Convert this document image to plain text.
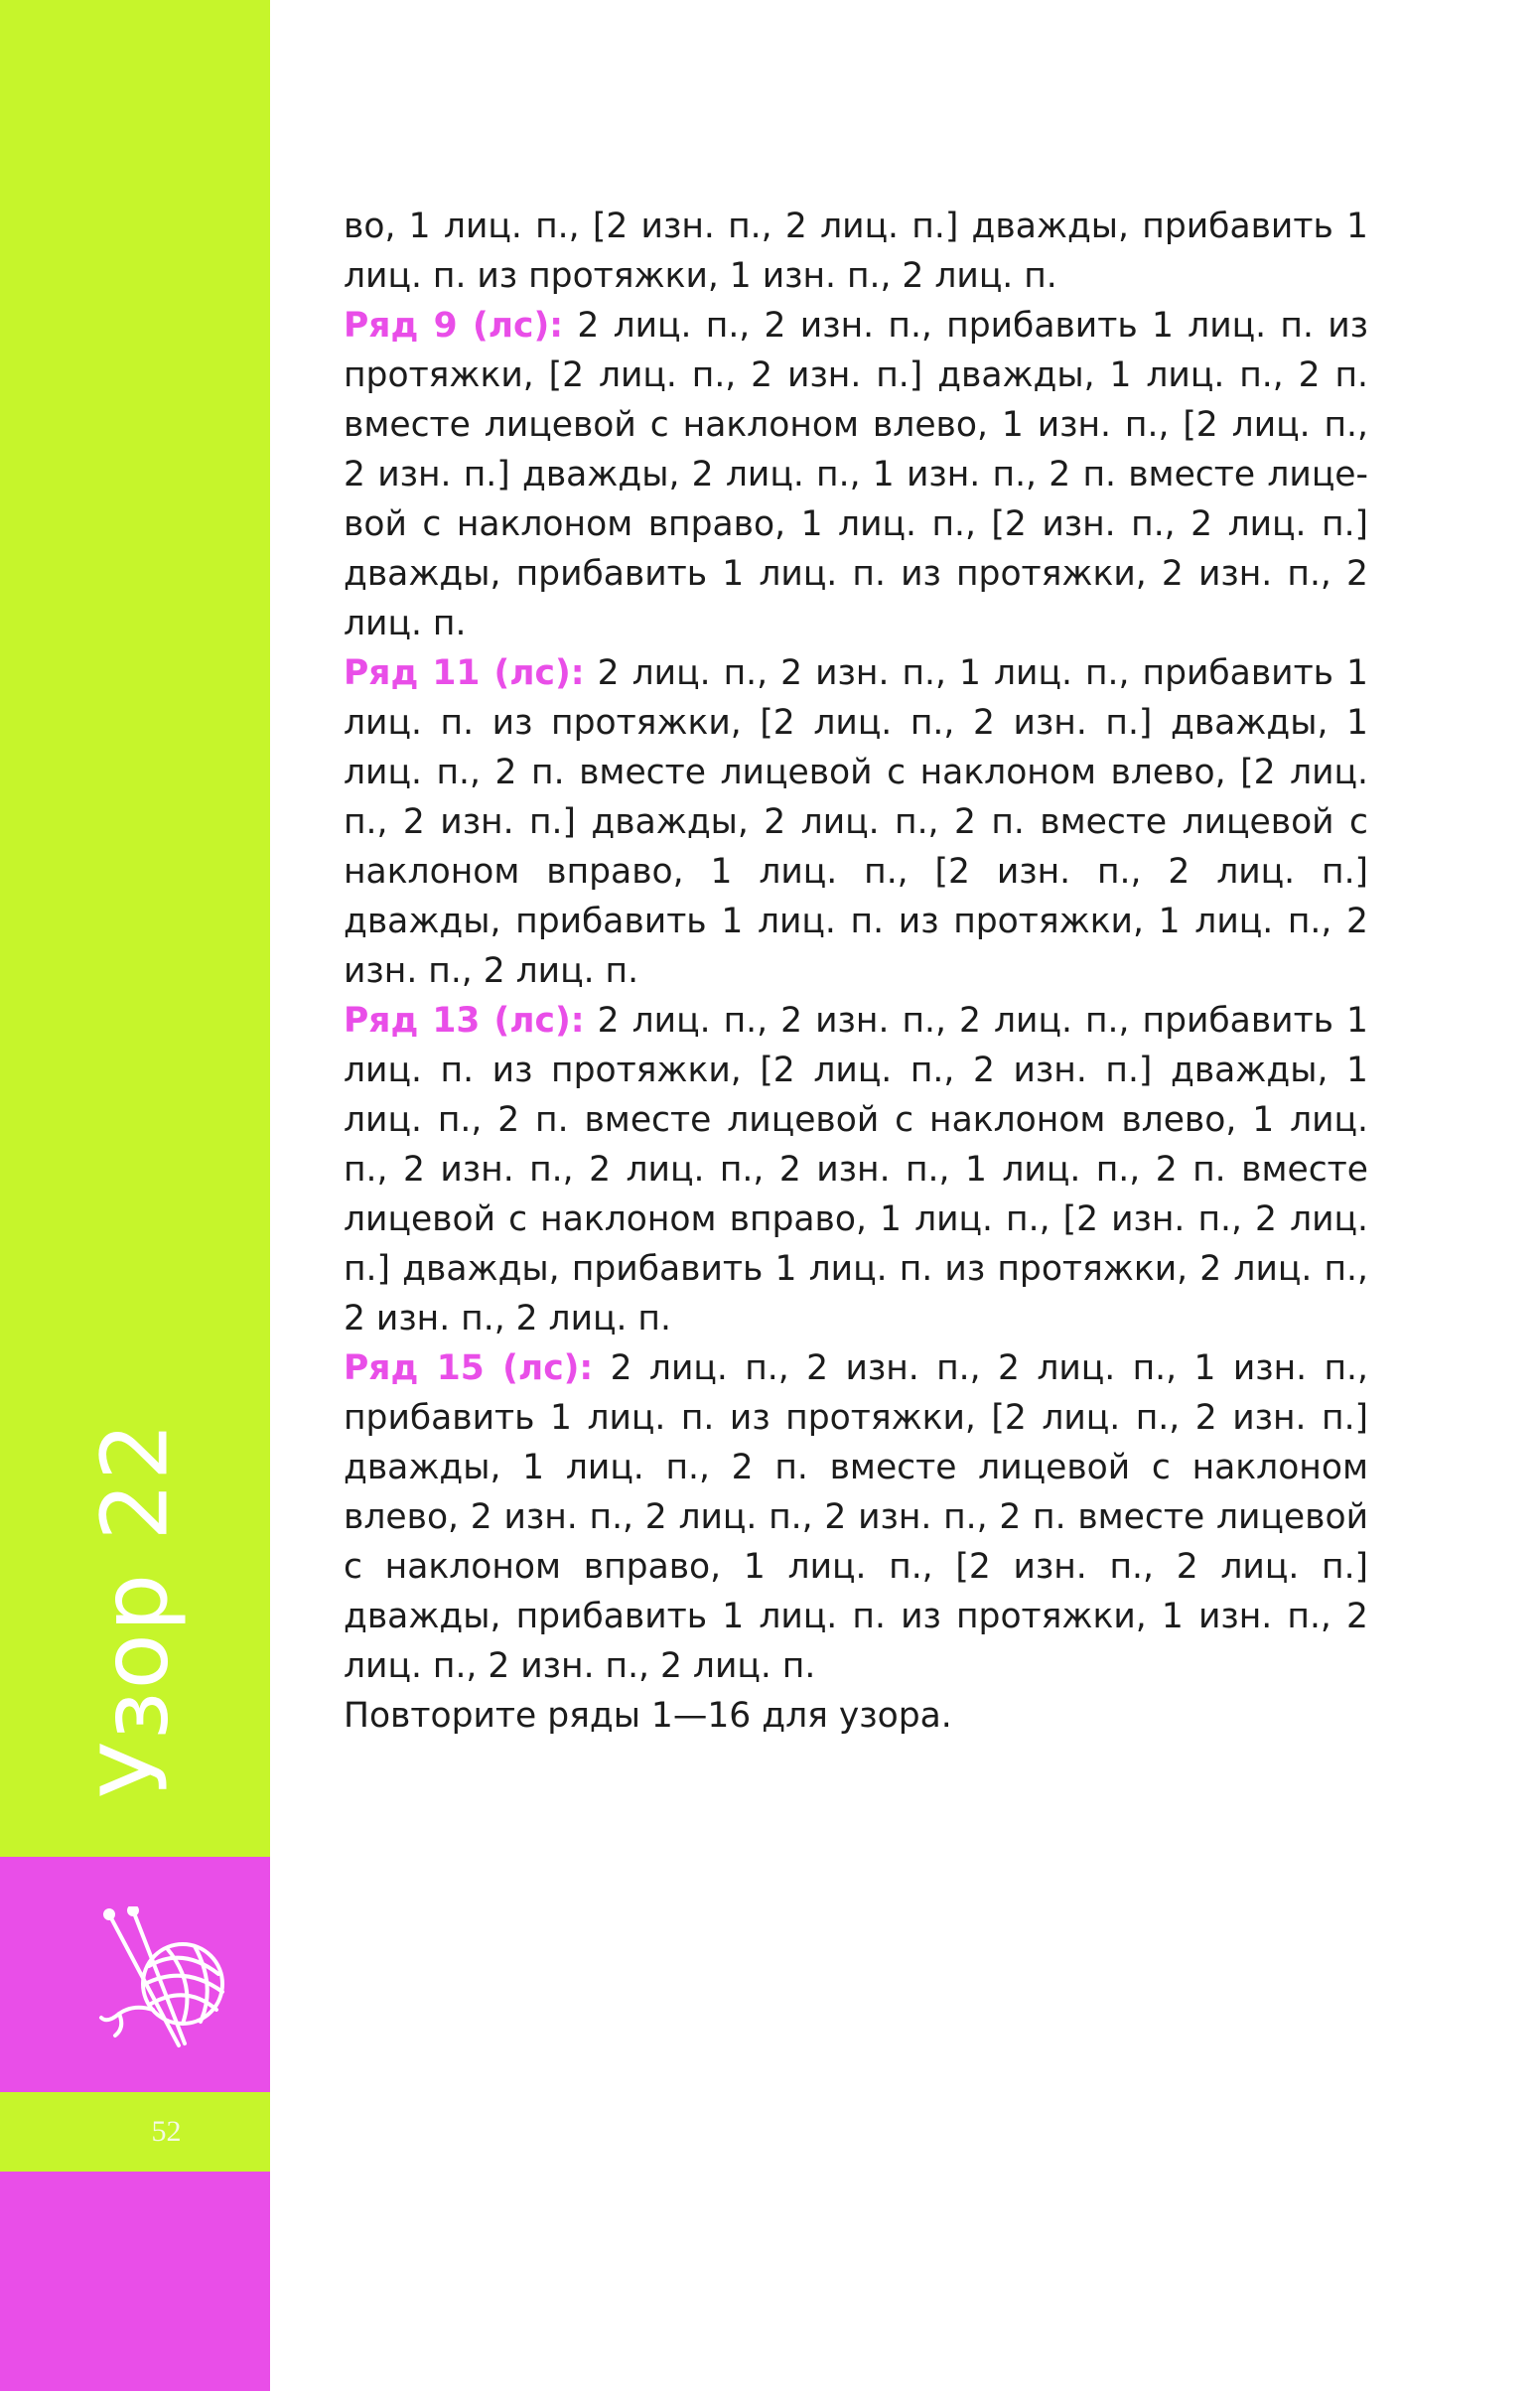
Узор 22
52

во, 1 лиц. п., [2 изн. п., 2 лиц. п.] дважды, прибавить 1 лиц. п. из протяжки, 1 изн. п., 2 лиц. п.

Ряд 9 (лс): 2 лиц. п., 2 изн. п., прибавить 1 лиц. п. из протяжки, [2 лиц. п., 2 изн. п.] дважды, 1 лиц. п., 2 п. вместе лицевой с наклоном влево, 1 изн. п., [2 лиц. п., 2 изн. п.] дважды, 2 лиц. п., 1 изн. п., 2 п. вместе лицевой с наклоном вправо, 1 лиц. п., [2 изн. п., 2 лиц. п.] дважды, прибавить 1 лиц. п. из протяжки, 2 изн. п., 2 лиц. п.

Ряд 11 (лс): 2 лиц. п., 2 изн. п., 1 лиц. п., прибавить 1 лиц. п. из протяжки, [2 лиц. п., 2 изн. п.] дважды, 1 лиц. п., 2 п. вместе лицевой с наклоном влево, [2 лиц. п., 2 изн. п.] дважды, 2 лиц. п., 2 п. вместе лицевой с наклоном вправо, 1 лиц. п., [2 изн. п., 2 лиц. п.] дважды, прибавить 1 лиц. п. из протяжки, 1 лиц. п., 2 изн. п., 2 лиц. п.

Ряд 13 (лс): 2 лиц. п., 2 изн. п., 2 лиц. п., прибавить 1 лиц. п. из протяжки, [2 лиц. п., 2 изн. п.] дважды, 1 лиц. п., 2 п. вместе лицевой с наклоном влево, 1 лиц. п., 2 изн. п., 2 лиц. п., 2 изн. п., 1 лиц. п., 2 п. вместе лицевой с наклоном вправо, 1 лиц. п., [2 изн. п., 2 лиц. п.] дважды, прибавить 1 лиц. п. из протяжки, 2 лиц. п., 2 изн. п., 2 лиц. п.

Ряд 15 (лс): 2 лиц. п., 2 изн. п., 2 лиц. п., 1 изн. п., прибавить 1 лиц. п. из протяжки, [2 лиц. п., 2 изн. п.] дважды, 1 лиц. п., 2 п. вместе лицевой с наклоном влево, 2 изн. п., 2 лиц. п., 2 изн. п., 2 п. вместе лицевой с наклоном вправо, 1 лиц. п., [2 изн. п., 2 лиц. п.] дважды, прибавить 1 лиц. п. из протяжки, 1 изн. п., 2 лиц. п., 2 изн. п., 2 лиц. п.

Повторите ряды 1—16 для узора.
